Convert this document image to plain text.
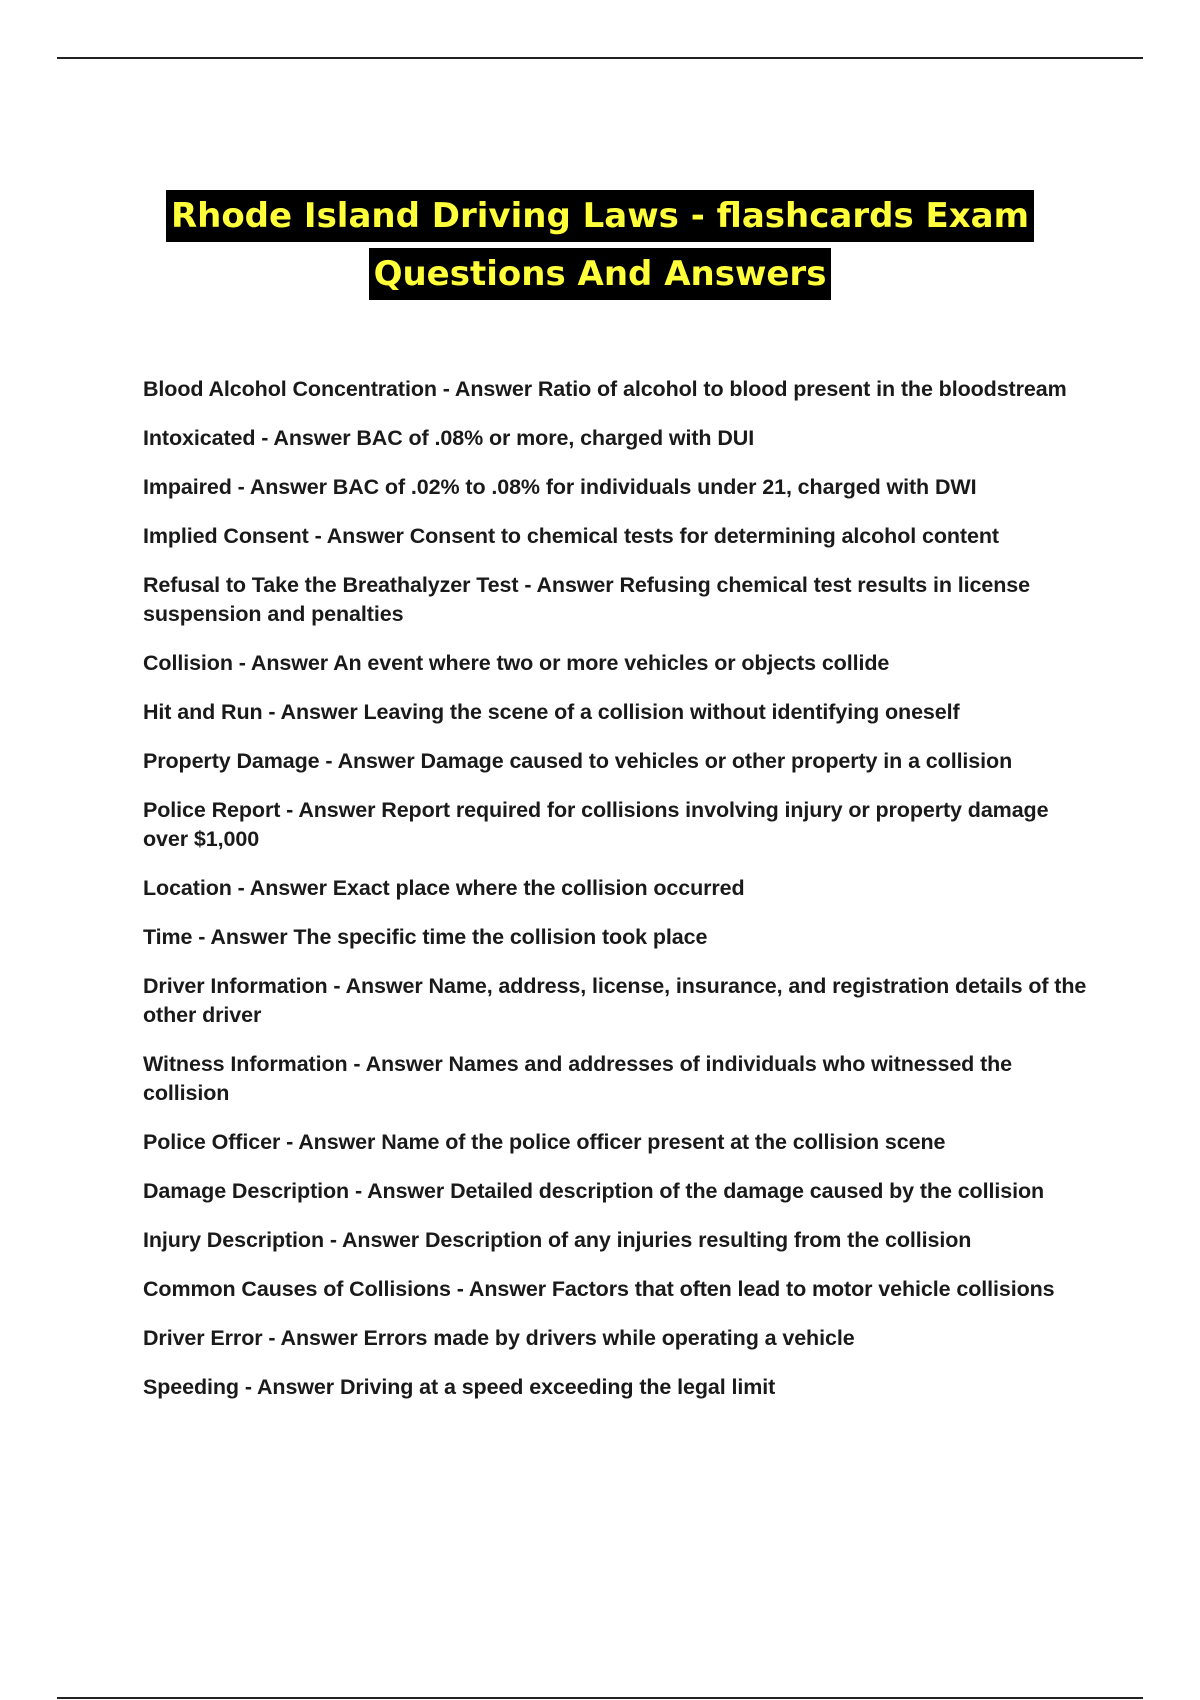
Rhode Island Driving Laws - flashcards Exam
Questions And Answers
Blood Alcohol Concentration - Answer Ratio of alcohol to blood present in the bloodstream
Intoxicated - Answer BAC of .08% or more, charged with DUI
Impaired - Answer BAC of .02% to .08% for individuals under 21, charged with DWI
Implied Consent - Answer Consent to chemical tests for determining alcohol content
Refusal to Take the Breathalyzer Test - Answer Refusing chemical test results in license suspension and penalties
Collision - Answer An event where two or more vehicles or objects collide
Hit and Run - Answer Leaving the scene of a collision without identifying oneself
Property Damage - Answer Damage caused to vehicles or other property in a collision
Police Report - Answer Report required for collisions involving injury or property damage over $1,000
Location - Answer Exact place where the collision occurred
Time - Answer The specific time the collision took place
Driver Information - Answer Name, address, license, insurance, and registration details of the other driver
Witness Information - Answer Names and addresses of individuals who witnessed the collision
Police Officer - Answer Name of the police officer present at the collision scene
Damage Description - Answer Detailed description of the damage caused by the collision
Injury Description - Answer Description of any injuries resulting from the collision
Common Causes of Collisions - Answer Factors that often lead to motor vehicle collisions
Driver Error - Answer Errors made by drivers while operating a vehicle
Speeding - Answer Driving at a speed exceeding the legal limit
